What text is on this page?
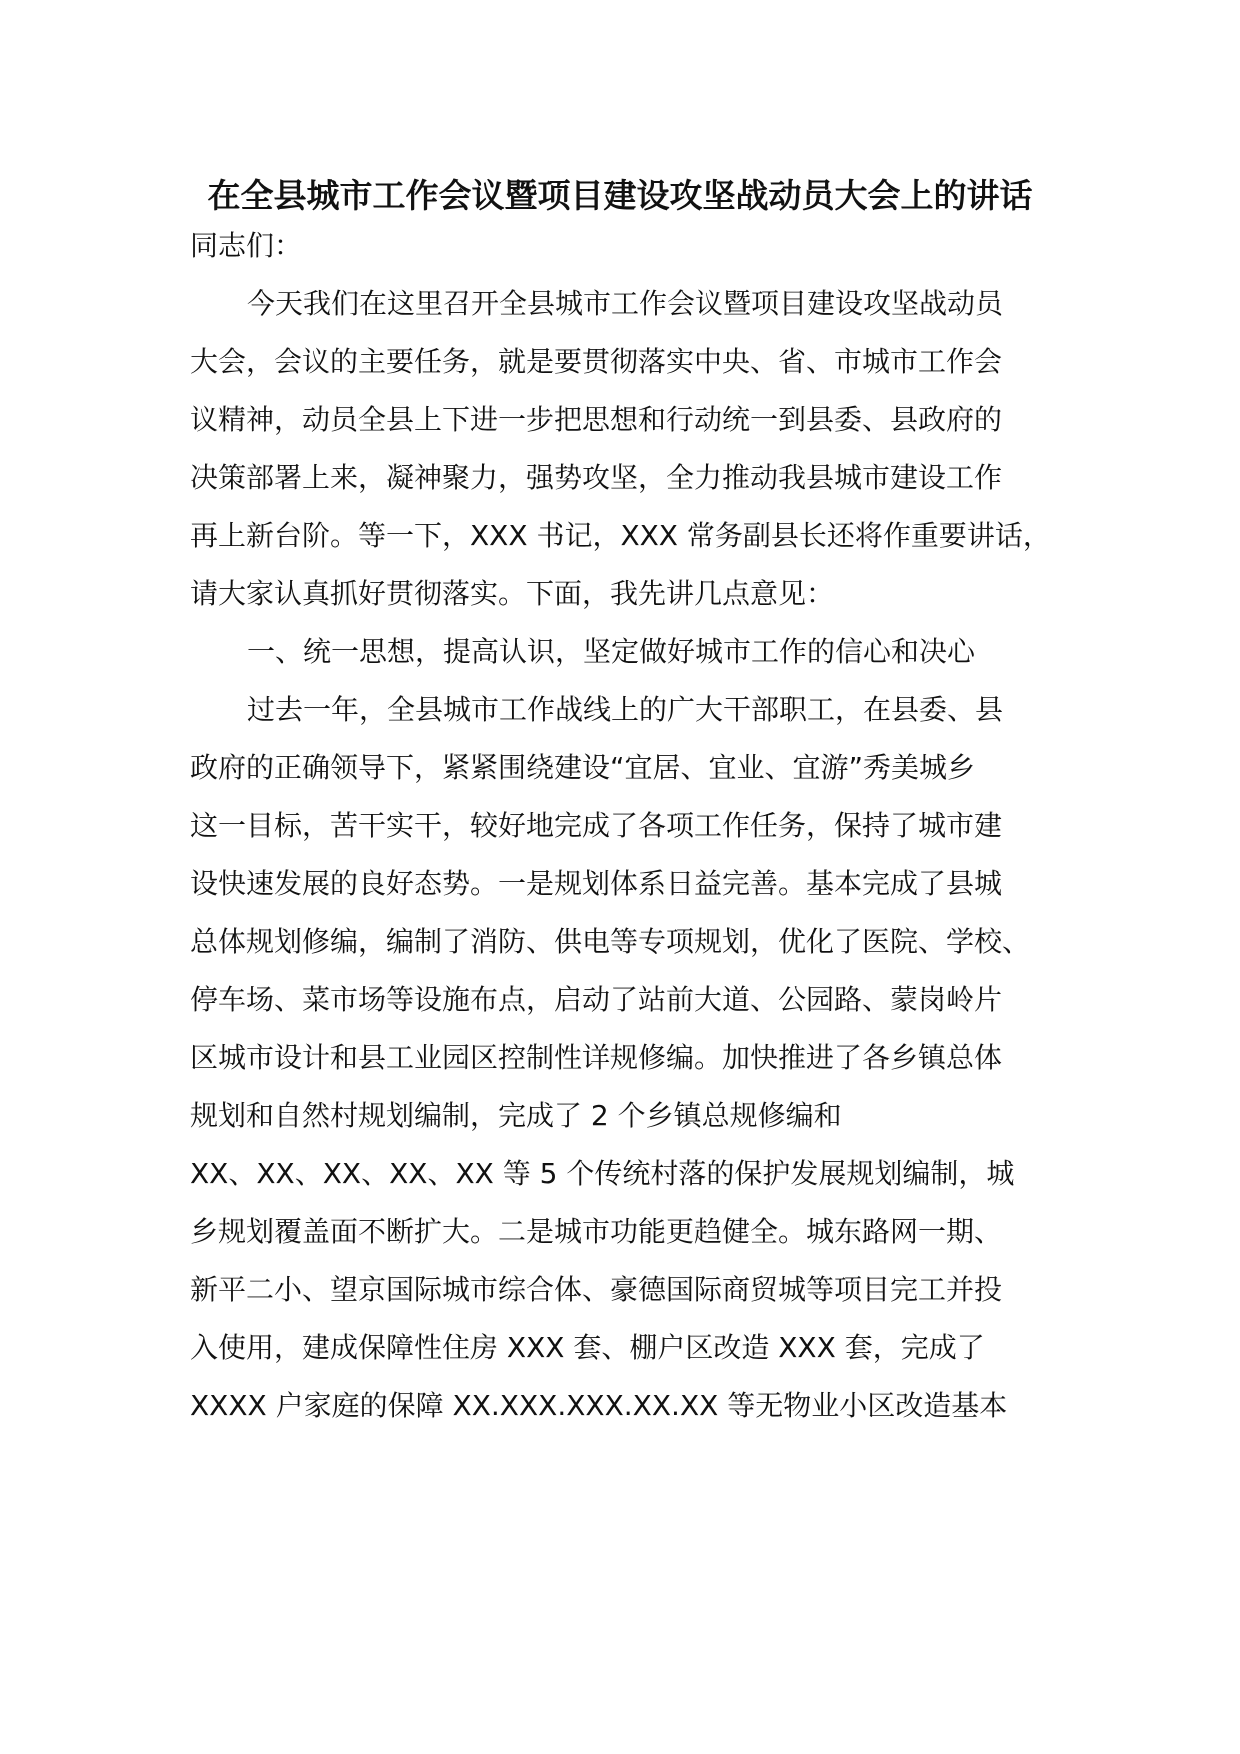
在全县城市工作会议暨项目建设攻坚战动员大会上的讲话
同志们：
今天我们在这里召开全县城市工作会议暨项目建设攻坚战动员
大会，会议的主要任务，就是要贯彻落实中央、省、市城市工作会
议精神，动员全县上下进一步把思想和行动统一到县委、县政府的
决策部署上来，凝神聚力，强势攻坚，全力推动我县城市建设工作
再上新台阶。等一下，XXX 书记，XXX 常务副县长还将作重要讲话，
请大家认真抓好贯彻落实。下面，我先讲几点意见：
一、统一思想，提高认识，坚定做好城市工作的信心和决心
过去一年，全县城市工作战线上的广大干部职工，在县委、县
政府的正确领导下，紧紧围绕建设“宜居、宜业、宜游”秀美城乡
这一目标，苦干实干，较好地完成了各项工作任务，保持了城市建
设快速发展的良好态势。一是规划体系日益完善。基本完成了县城
总体规划修编，编制了消防、供电等专项规划，优化了医院、学校、
停车场、菜市场等设施布点，启动了站前大道、公园路、蒙岗岭片
区城市设计和县工业园区控制性详规修编。加快推进了各乡镇总体
规划和自然村规划编制，完成了 2 个乡镇总规修编和
XX、XX、XX、XX、XX 等 5 个传统村落的保护发展规划编制，城
乡规划覆盖面不断扩大。二是城市功能更趋健全。城东路网一期、
新平二小、望京国际城市综合体、豪德国际商贸城等项目完工并投
入使用，建成保障性住房 XXX 套、棚户区改造 XXX 套，完成了
XXXX 户家庭的保障 XX.XXX.XXX.XX.XX 等无物业小区改造基本
